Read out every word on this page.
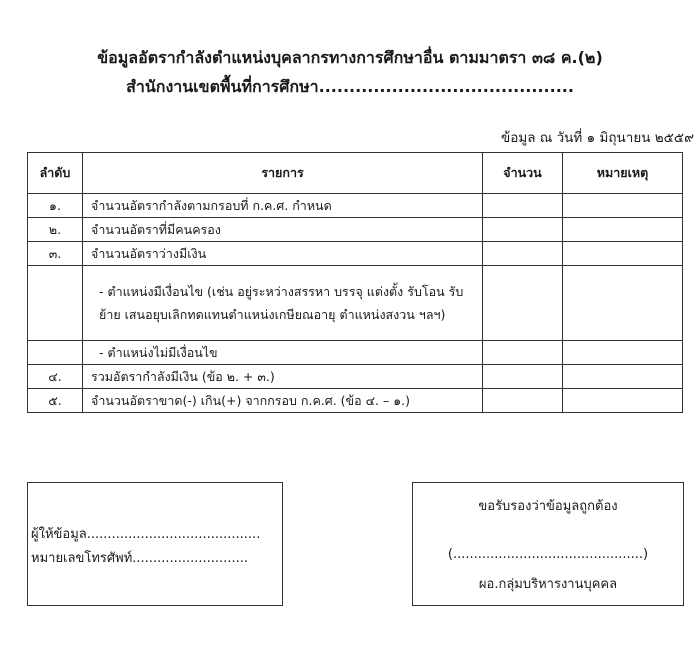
ข้อมูลอัตรากำลังตำแหน่งบุคลากรทางการศึกษาอื่น ตามมาตรา ๓๘ ค.(๒)
สำนักงานเขตพื้นที่การศึกษา..........................................
ข้อมูล ณ วันที่ ๑ มิถุนายน ๒๕๕๙
ลำดับ	รายการ	จำนวน	หมายเหตุ
๑.	จำนวนอัตรากำลังตามกรอบที่ ก.ค.ศ. กำหนด		
๒.	จำนวนอัตราที่มีคนครอง		
๓.	จำนวนอัตราว่างมีเงิน		
	- ตำแหน่งมีเงื่อนไข (เช่น อยู่ระหว่างสรรหา บรรจุ แต่งตั้ง รับโอน รับย้าย เสนอยุบเลิกทดแทนตำแหน่งเกษียณอายุ ตำแหน่งสงวน ฯลฯ)		
	- ตำแหน่งไม่มีเงื่อนไข		
๔.	รวมอัตรากำลังมีเงิน (ข้อ ๒. + ๓.)		
๕.	จำนวนอัตราขาด(-) เกิน(+) จากกรอบ ก.ค.ศ. (ข้อ ๔. – ๑.)		
ผู้ให้ข้อมูล..........................................
หมายเลขโทรศัพท์............................
ขอรับรองว่าข้อมูลถูกต้อง
(..............................................)
ผอ.กลุ่มบริหารงานบุคคล
